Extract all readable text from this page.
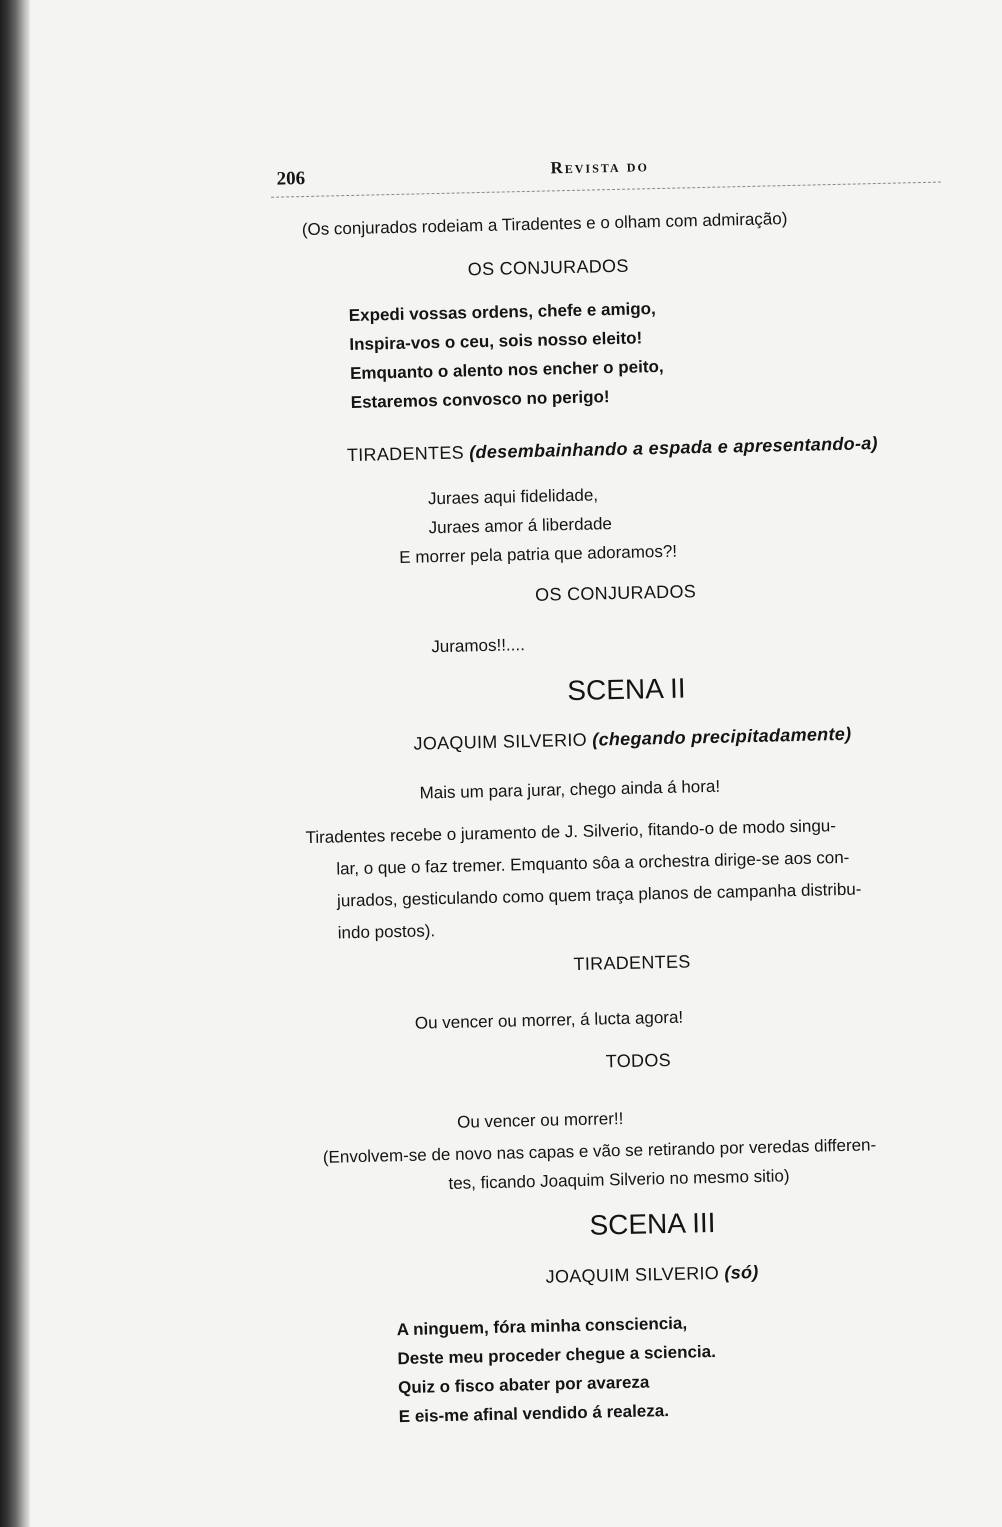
206
Revista do
(Os conjurados rodeiam a Tiradentes e o olham com admiração)
OS CONJURADOS
Expedi vossas ordens, chefe e amigo,
Inspira-vos o ceu, sois nosso eleito!
Emquanto o alento nos encher o peito,
Estaremos convosco no perigo!
TIRADENTES (desembainhando a espada e apresentando-a)
Juraes aqui fidelidade,
Juraes amor á liberdade
E morrer pela patria que adoramos?!
OS CONJURADOS
Juramos!!....
SCENA II
JOAQUIM SILVERIO (chegando precipitadamente)
Mais um para jurar, chego ainda á hora!
Tiradentes recebe o juramento de J. Silverio, fitando-o de modo singu-
lar, o que o faz tremer. Emquanto sôa a orchestra dirige-se aos con-
jurados, gesticulando como quem traça planos de campanha distribu-
indo postos).
TIRADENTES
Ou vencer ou morrer, á lucta agora!
TODOS
Ou vencer ou morrer!!
(Envolvem-se de novo nas capas e vão se retirando por veredas differen-
tes, ficando Joaquim Silverio no mesmo sitio)
SCENA III
JOAQUIM SILVERIO (só)
A ninguem, fóra minha consciencia,
Deste meu proceder chegue a sciencia.
Quiz o fisco abater por avareza
E eis-me afinal vendido á realeza.
